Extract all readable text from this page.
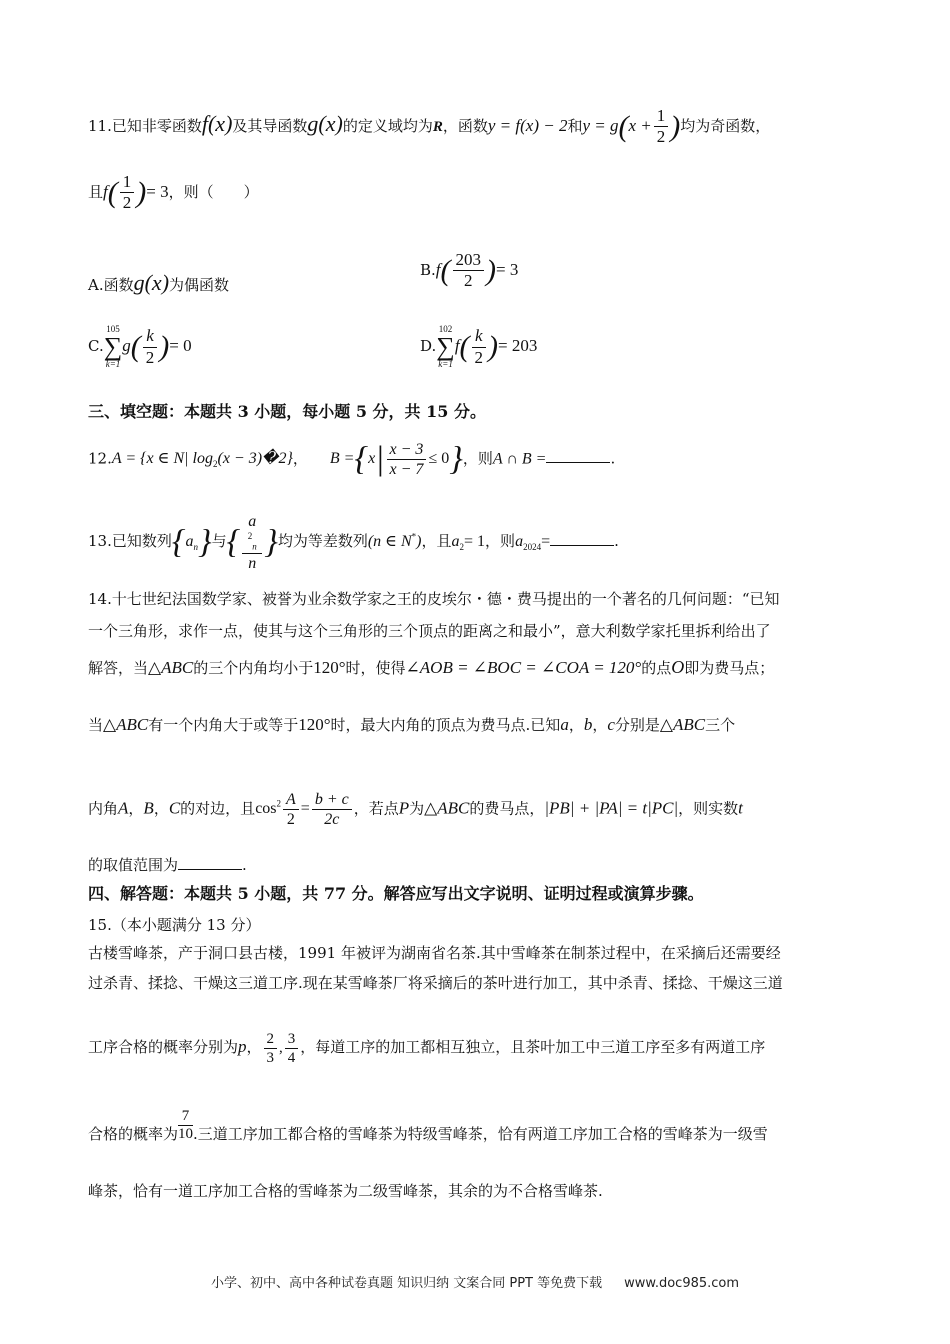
11.已知非零函数f(x)及其导函数g(x)的定义域均为R，函数y = f(x) − 2和$y = g(x + \frac{1}{2}$ )均为奇函数，
且$f( \frac{1}{2}$ )= 3，则（　　）
A.函数g(x)为偶函数
$B.f( \frac{203}{2}$ )= 3
C.
105
∑
k=1
$g( \frac{k}{2}$ )= 0	D.
102
∑
k=1
$f( \frac{k}{2}$ )= 203
三、填空题：本题共 3 小题，每小题 5 分，共 15 分。
12.A = {x ∈ N| $\log_2(x$ − 3)�2}， $B =\{x| \frac{x - 3}{x - 7} \le 0\}$，则A ∩ B =	.
13.已知数列$\{a_n\}$与{ a
$^2_n$
n }均为等差数列(n ∈ N*)，且$a_2= 1$，则$a_{2024}=$	.
14.十七世纪法国数学家、被誉为业余数学家之王的皮埃尔・德・费马提出的一个著名的几何问题：“已知
一个三角形，求作一点，使其与这个三角形的三个顶点的距离之和最小”，意大利数学家托里拆利给出了
解答，当△ABC的三个内角均小于120°时，使得∠AOB = ∠BOC = ∠COA = 120°的点O即为费马点；
当△ABC有一个内角大于或等于120°时，最大内角的顶点为费马点.已知a，b，c分别是△ABC三个
内角A，B，C的对边，且$\cos^2 \frac{A}{2} = \frac{b + c}{2c}$ ，若点P为△ABC的费马点，|PB| + |PA| = t|PC|，则实数t
的取值范围为	.
四、解答题：本题共 5 小题，共 77 分。解答应写出文字说明、证明过程或演算步骤。
15.（本小题满分 13 分）
古楼雪峰茶，产于洞口县古楼，1991 年被评为湖南省名茶.其中雪峰茶在制茶过程中，在采摘后还需要经
过杀青、揉捻、干燥这三道工序.现在某雪峰茶厂将采摘后的茶叶进行加工，其中杀青、揉捻、干燥这三道
工序合格的概率分别为p， $\frac{2}{3}$ , $\frac{3}{4}$ ，每道工序的加工都相互独立，且茶叶加工中三道工序至多有两道工序
合格的概率为 $\frac{7}{10}$ .三道工序加工都合格的雪峰茶为特级雪峰茶，恰有两道工序加工合格的雪峰茶为一级雪
峰茶，恰有一道工序加工合格的雪峰茶为二级雪峰茶，其余的为不合格雪峰茶.
小学、初中、高中各种试卷真题 知识归纳 文案合同 PPT 等免费下载 www.doc985.com
